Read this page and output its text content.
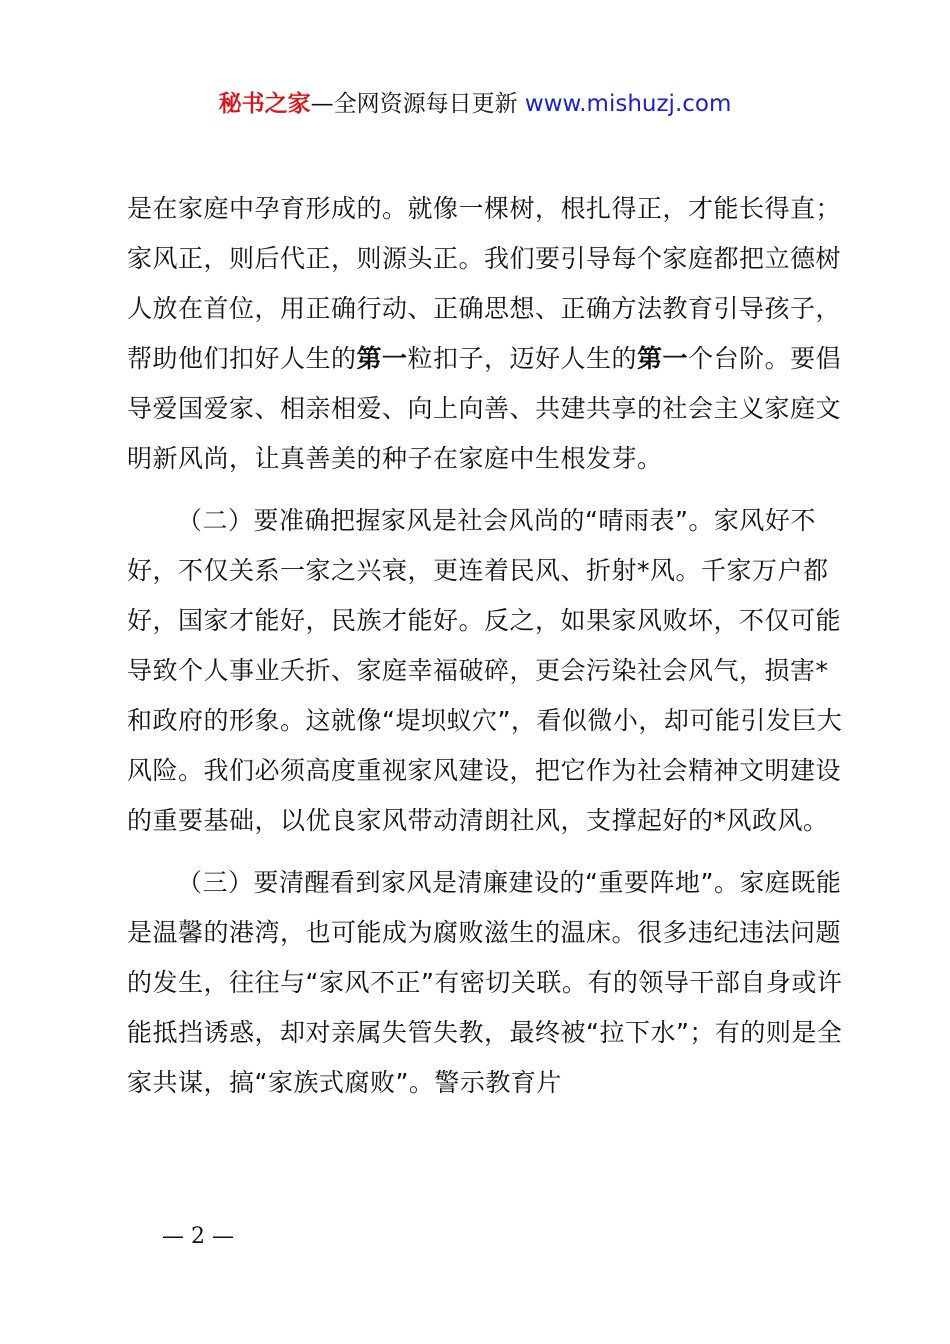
秘书之家—全网资源每日更新 www.mishuzj.com

是在家庭中孕育形成的。就像一棵树，根扎得正，才能长得直；家风正，则后代正，则源头正。我们要引导每个家庭都把立德树人放在首位，用正确行动、正确思想、正确方法教育引导孩子，帮助他们扣好人生的第一粒扣子，迈好人生的第一个台阶。要倡导爱国爱家、相亲相爱、向上向善、共建共享的社会主义家庭文明新风尚，让真善美的种子在家庭中生根发芽。

（二）要准确把握家风是社会风尚的“晴雨表”。家风好不好，不仅关系一家之兴衰，更连着民风、折射*风。千家万户都好，国家才能好，民族才能好。反之，如果家风败坏，不仅可能导致个人事业夭折、家庭幸福破碎，更会污染社会风气，损害*和政府的形象。这就像“堤坝蚁穴”，看似微小，却可能引发巨大风险。我们必须高度重视家风建设，把它作为社会精神文明建设的重要基础，以优良家风带动清朗社风，支撑起好的*风政风。

（三）要清醒看到家风是清廉建设的“重要阵地”。家庭既能是温馨的港湾，也可能成为腐败滋生的温床。很多违纪违法问题的发生，往往与“家风不正”有密切关联。有的领导干部自身或许能抵挡诱惑，却对亲属失管失教，最终被“拉下水”；有的则是全家共谋，搞“家族式腐败”。警示教育片

— 2 —
